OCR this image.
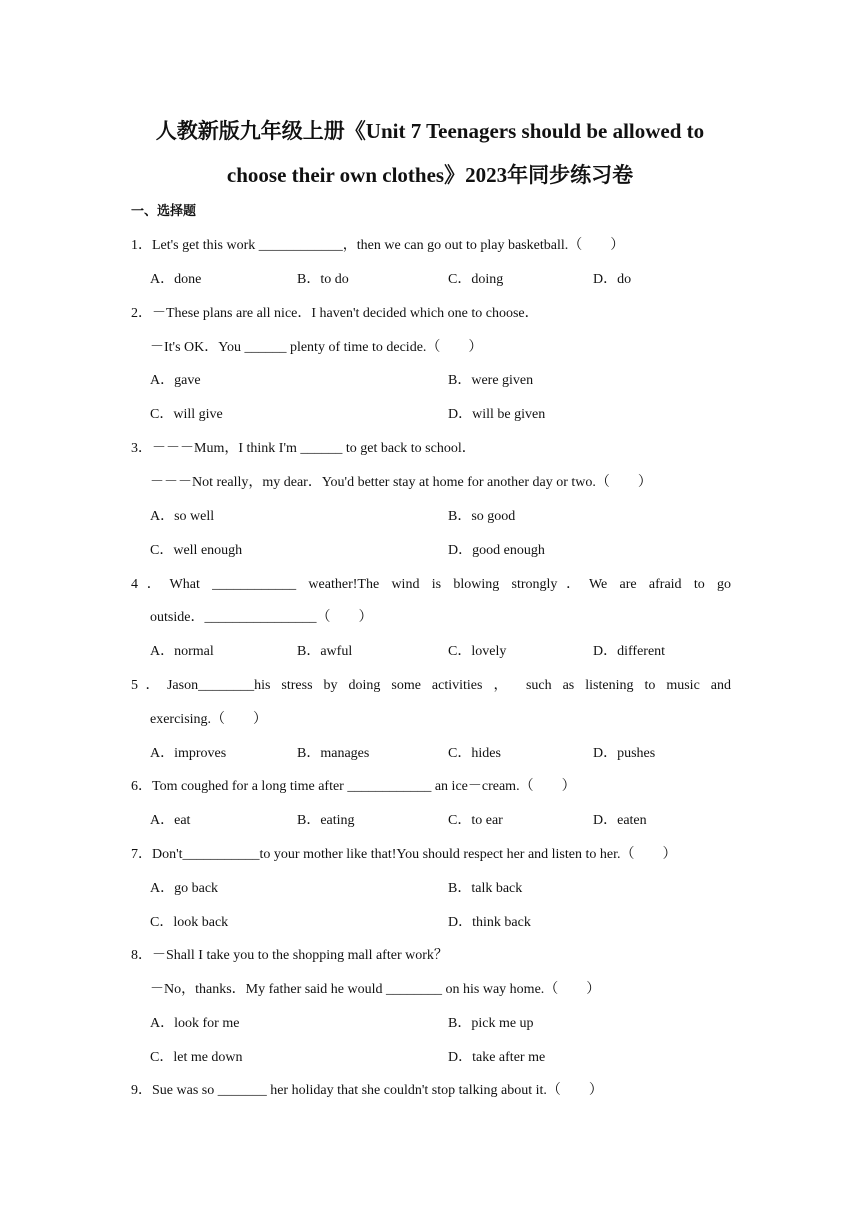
人教新版九年级上册《Unit 7 Teenagers should be allowed to
choose their own clothes》2023年同步练习卷
一、选择题
1．Let's get this work ____________，then we can go out to play basketball.（　　）
A．done	B．to do	C．doing	D．do
2．－These plans are all nice．I haven't decided which one to choose．
－It's OK．You ______ plenty of time to decide.（　　）
A．gave	B．were given
C．will give	D．will be given
3．－－－Mum，I think I'm ______ to get back to school．
－－－Not really，my dear．You'd better stay at home for another day or two.（　　）
A．so well	B．so good
C．well enough	D．good enough
4．What ____________ weather!The wind is blowing strongly．We are afraid to go
outside．________________（　　）
A．normal	B．awful	C．lovely	D．different
5．Jason________his stress by doing some activities ， such as listening to music and
exercising.（　　）
A．improves	B．manages	C．hides	D．pushes
6．Tom coughed for a long time after ____________ an ice－cream.（　　）
A．eat	B．eating	C．to ear	D．eaten
7．Don't___________to your mother like that!You should respect her and listen to her.（　　）
A．go back	B．talk back
C．look back	D．think back
8．－Shall I take you to the shopping mall after work？
－No，thanks．My father said he would ________ on his way home.（　　）
A．look for me	B．pick me up
C．let me down	D．take after me
9．Sue was so _______ her holiday that she couldn't stop talking about it.（　　）
